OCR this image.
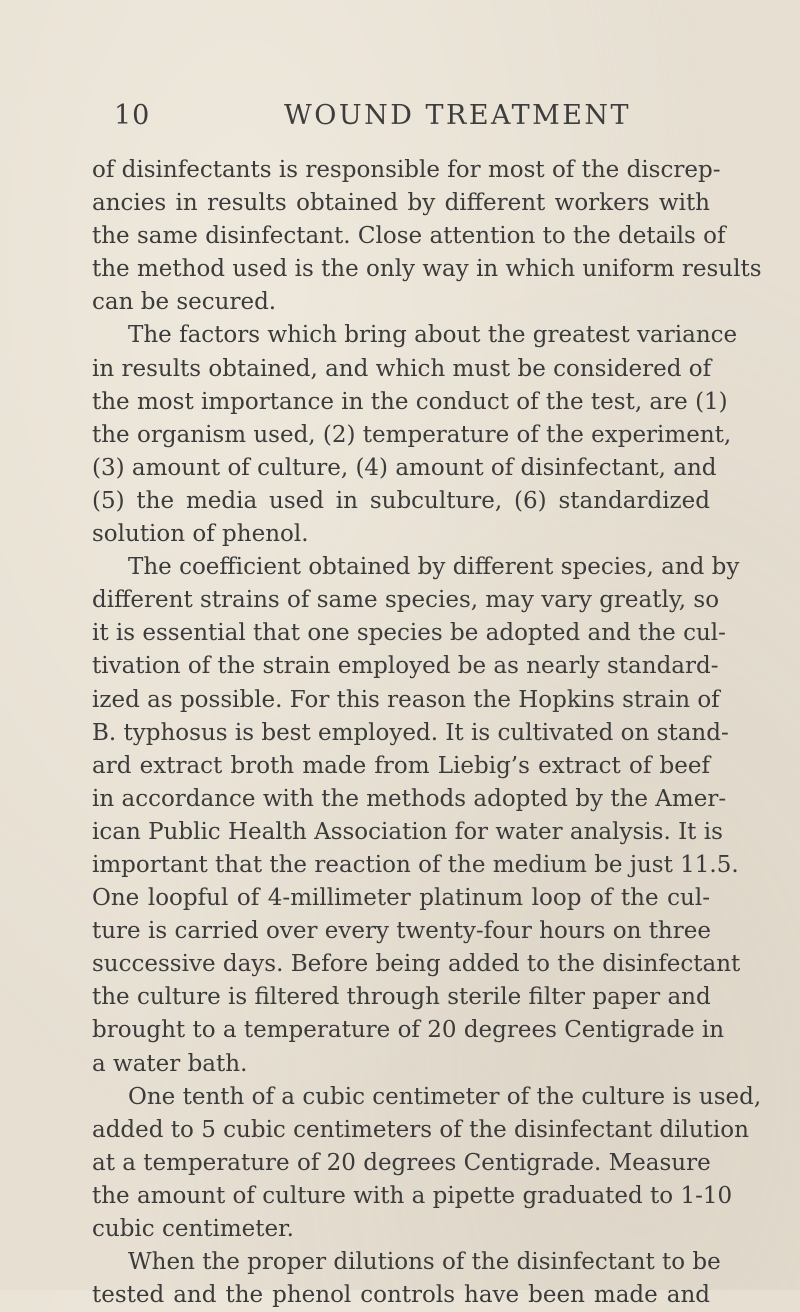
10	WOUND TREATMENT
of disinfectants is responsible for most of the discrep-
ancies in results obtained by different workers with
the same disinfectant. Close attention to the details of
the method used is the only way in which uniform results
can be secured.
The factors which bring about the greatest variance
in results obtained, and which must be considered of
the most importance in the conduct of the test, are (1)
the organism used, (2) temperature of the experiment,
(3) amount of culture, (4) amount of disinfectant, and
(5) the media used in subculture, (6) standardized
solution of phenol.
The coefficient obtained by different species, and by
different strains of same species, may vary greatly, so
it is essential that one species be adopted and the cul-
tivation of the strain employed be as nearly standard-
ized as possible. For this reason the Hopkins strain of
B. typhosus is best employed. It is cultivated on stand-
ard extract broth made from Liebig’s extract of beef
in accordance with the methods adopted by the Amer-
ican Public Health Association for water analysis. It is
important that the reaction of the medium be just 11.5.
One loopful of 4-millimeter platinum loop of the cul-
ture is carried over every twenty-four hours on three
successive days. Before being added to the disinfectant
the culture is filtered through sterile filter paper and
brought to a temperature of 20 degrees Centigrade in
a water bath.
One tenth of a cubic centimeter of the culture is used,
added to 5 cubic centimeters of the disinfectant dilution
at a temperature of 20 degrees Centigrade. Measure
the amount of culture with a pipette graduated to 1-10
cubic centimeter.
When the proper dilutions of the disinfectant to be
tested and the phenol controls have been made and
